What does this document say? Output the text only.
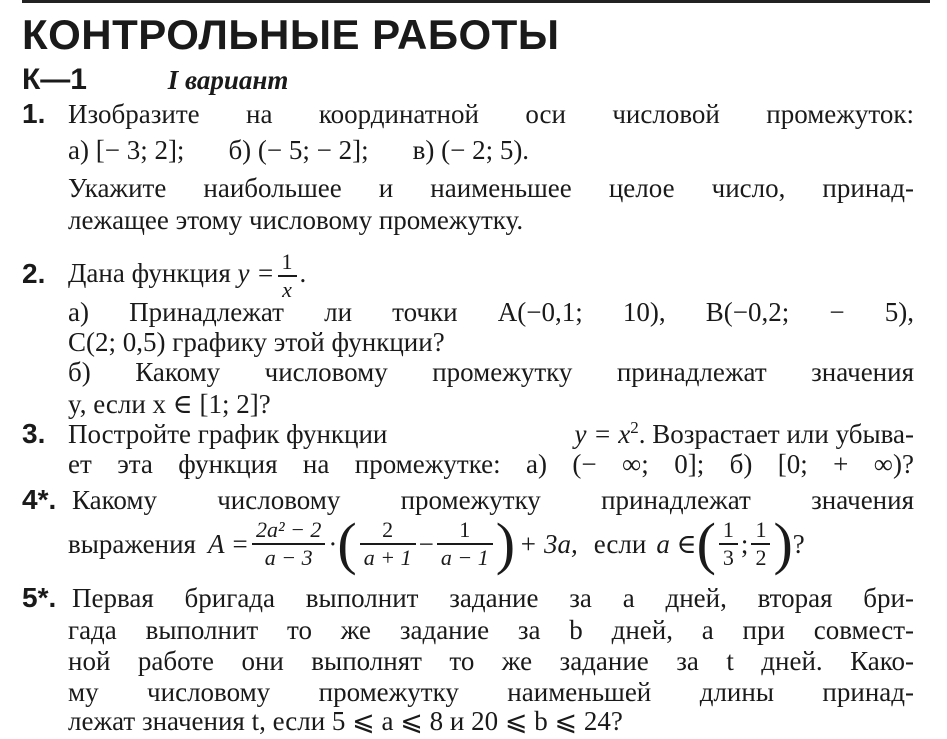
КОНТРОЛЬНЫЕ РАБОТЫ
К—1	I вариант
1. Изобразите на координатной оси числовой промежуток:
а) [− 3; 2]; б) (− 5; − 2]; в) (− 2; 5).
Укажите наибольшее и наименьшее целое число, принад-
лежащее этому числовому промежутку.
2. Дана функция $y = \frac{1}{x}$ .
а) Принадлежат ли точки A(−0,1; 10), B(−0,2; − 5),
C(2; 0,5) графику этой функции?
б) Какому числовому промежутку принадлежат значения
y, если x ∈ [1; 2]?
3. Постройте график функции	$y = x^2$. Возрастает или убыва-
ет эта функция на промежутке: а) (− ∞; 0]; б) [0; + ∞)?
4*. Какому числовому промежутку принадлежат значения
выражения $A = \frac{\text{2a² − 2}}{a - 3}$ · ( $\frac{2}{a + 1} - \frac{1}{a - 1}$ ) + 3a, если a ∈ ( $\frac{1}{3}$ ; $\frac{1}{2}$ ) ?
5*. Первая бригада выполнит задание за a дней, вторая бри-
гада выполнит то же задание за b дней, а при совмест-
ной работе они выполнят то же задание за t дней. Како-
му числовому промежутку наименьшей длины принад-
лежат значения t, если 5 ⩽ a ⩽ 8 и 20 ⩽ b ⩽ 24?
